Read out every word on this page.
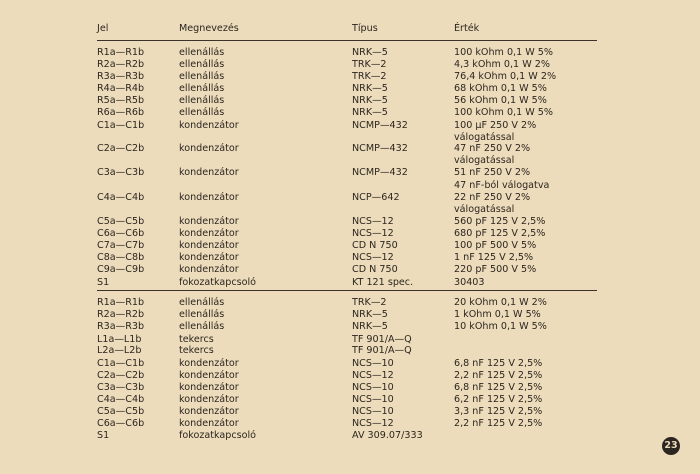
Jel	Megnevezés	Típus	Érték
R1a—R1b	ellenállás	NRK—5	100 kOhm 0,1 W 5%
R2a—R2b	ellenállás	TRK—2	4,3 kOhm 0,1 W 2%
R3a—R3b	ellenállás	TRK—2	76,4 kOhm 0,1 W 2%
R4a—R4b	ellenállás	NRK—5	68 kOhm 0,1 W 5%
R5a—R5b	ellenállás	NRK—5	56 kOhm 0,1 W 5%
R6a—R6b	ellenállás	NRK—5	100 kOhm 0,1 W 5%
C1a—C1b	kondenzátor	NCMP—432	100 μF 250 V 2%
válogatással
C2a—C2b	kondenzátor	NCMP—432	47 nF 250 V 2%
válogatással
C3a—C3b	kondenzátor	NCMP—432	51 nF 250 V 2%
47 nF-ból válogatva
C4a—C4b	kondenzátor	NCP—642	22 nF 250 V 2%
válogatással
C5a—C5b	kondenzátor	NCS—12	560 pF 125 V 2,5%
C6a—C6b	kondenzátor	NCS—12	680 pF 125 V 2,5%
C7a—C7b	kondenzátor	CD N 750	100 pF 500 V 5%
C8a—C8b	kondenzátor	NCS—12	1 nF 125 V 2,5%
C9a—C9b	kondenzátor	CD N 750	220 pF 500 V 5%
S1	fokozatkapcsoló	KT 121 spec.	30403
R1a—R1b	ellenállás	TRK—2	20 kOhm 0,1 W 2%
R2a—R2b	ellenállás	NRK—5	1 kOhm 0,1 W 5%
R3a—R3b	ellenállás	NRK—5	10 kOhm 0,1 W 5%
L1a—L1b	tekercs	TF 901/A—Q
L2a—L2b	tekercs	TF 901/A—Q
C1a—C1b	kondenzátor	NCS—10	6,8 nF 125 V 2,5%
C2a—C2b	kondenzátor	NCS—12	2,2 nF 125 V 2,5%
C3a—C3b	kondenzátor	NCS—10	6,8 nF 125 V 2,5%
C4a—C4b	kondenzátor	NCS—10	6,2 nF 125 V 2,5%
C5a—C5b	kondenzátor	NCS—10	3,3 nF 125 V 2,5%
C6a—C6b	kondenzátor	NCS—12	2,2 nF 125 V 2,5%
S1	fokozatkapcsoló	AV 309.07/333
23
